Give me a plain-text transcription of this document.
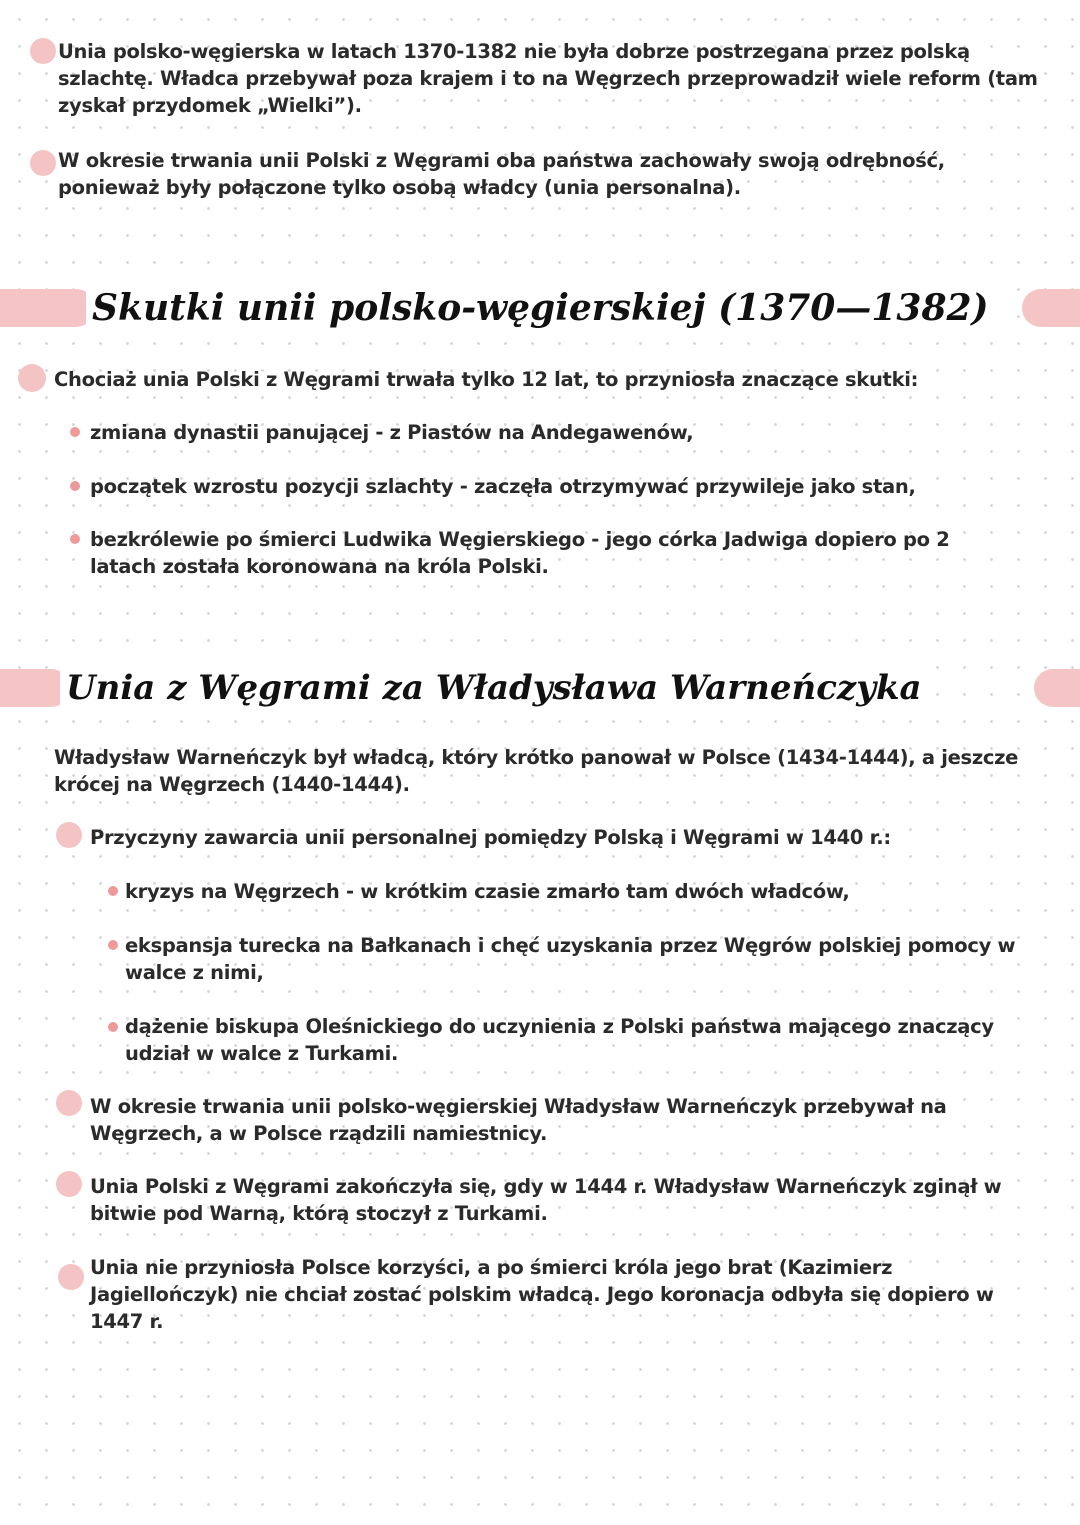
Unia polsko-węgierska w latach 1370-1382 nie była dobrze postrzegana przez polską szlachtę. Władca przebywał poza krajem i to na Węgrzech przeprowadził wiele reform (tam zyskał przydomek „Wielki”).

W okresie trwania unii Polski z Węgrami oba państwa zachowały swoją odrębność, ponieważ były połączone tylko osobą władcy (unia personalna).

Skutki unii polsko-węgierskiej (1370—1382)

Chociaż unia Polski z Węgrami trwała tylko 12 lat, to przyniosła znaczące skutki:

zmiana dynastii panującej - z Piastów na Andegawenów,

początek wzrostu pozycji szlachty - zaczęła otrzymywać przywileje jako stan,

bezkrólewie po śmierci Ludwika Węgierskiego - jego córka Jadwiga dopiero po 2 latach została koronowana na króla Polski.

Unia z Węgrami za Władysława Warneńczyka

Władysław Warneńczyk był władcą, który krótko panował w Polsce (1434-1444), a jeszcze krócej na Węgrzech (1440-1444).

Przyczyny zawarcia unii personalnej pomiędzy Polską i Węgrami w 1440 r.:

kryzys na Węgrzech - w krótkim czasie zmarło tam dwóch władców,

ekspansja turecka na Bałkanach i chęć uzyskania przez Węgrów polskiej pomocy w walce z nimi,

dążenie biskupa Oleśnickiego do uczynienia z Polski państwa mającego znaczący udział w walce z Turkami.

W okresie trwania unii polsko-węgierskiej Władysław Warneńczyk przebywał na Węgrzech, a w Polsce rządzili namiestnicy.

Unia Polski z Węgrami zakończyła się, gdy w 1444 r. Władysław Warneńczyk zginął w bitwie pod Warną, którą stoczył z Turkami.

Unia nie przyniosła Polsce korzyści, a po śmierci króla jego brat (Kazimierz Jagiellończyk) nie chciał zostać polskim władcą. Jego koronacja odbyła się dopiero w 1447 r.
